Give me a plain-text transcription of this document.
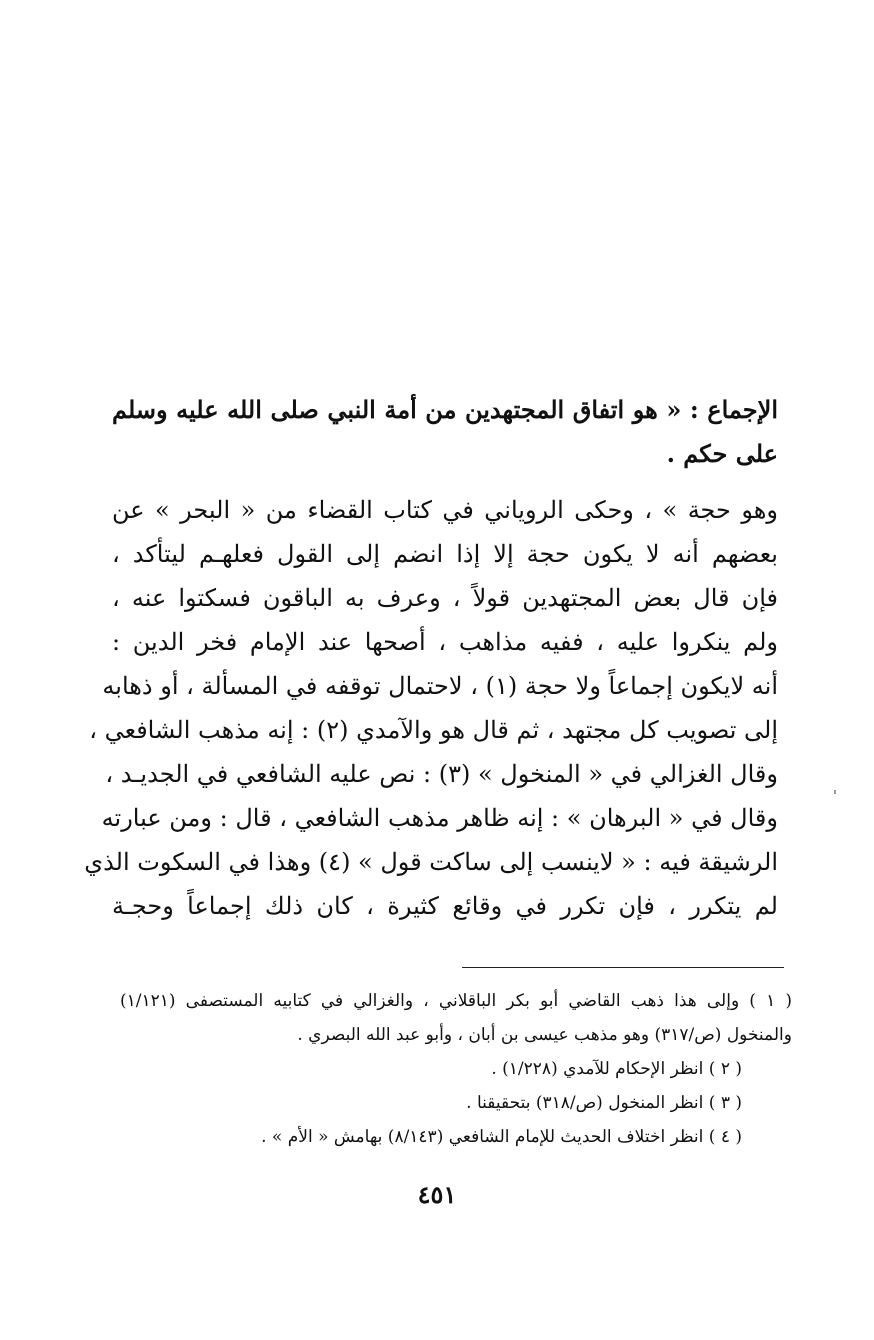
الإجماع : « هو اتفاق المجتهدين من أمة النبي صلى الله عليه وسلم
على حكم .
وهو حجة » ، وحكى الروياني في كتاب القضاء من « البحر » عن
بعضهم أنه لا يكون حجة إلا إذا انضم إلى القول فعلهـم ليتأكد ،
فإن قال بعض المجتهدين قولاً ، وعرف به الباقون فسكتوا عنه ،
ولم ينكروا عليه ، ففيه مذاهب ، أصحها عند الإمام فخر الدين :
أنه لايكون إجماعاً ولا حجة (١) ، لاحتمال توقفه في المسألة ، أو ذهابه
إلى تصويب كل مجتهد ، ثم قال هو والآمدي (٢) : إنه مذهب الشافعي ،
وقال الغزالي في « المنخول » (٣) : نص عليه الشافعي في الجديـد ،
وقال في « البرهان » : إنه ظاهر مذهب الشافعي ، قال : ومن عبارته
الرشيقة فيه : « لاينسب إلى ساكت قول » (٤) وهذا في السكوت الذي
لم يتكرر ، فإن تكرر في وقائع كثيرة ، كان ذلك إجماعاً وحجـة
( ١ ) وإلى هذا ذهب القاضي أبو بكر الباقلاني ، والغزالي في كتابيه المستصفى (١/١٢١)
والمنخول (ص/٣١٧) وهو مذهب عيسى بن أبان ، وأبو عبد الله البصري .
( ٢ ) انظر الإحكام للآمدي (١/٢٢٨) .
( ٣ ) انظر المنخول (ص/٣١٨) بتحقيقنا .
( ٤ ) انظر اختلاف الحديث للإمام الشافعي (٨/١٤٣) بهامش « الأم » .
٤٥١
